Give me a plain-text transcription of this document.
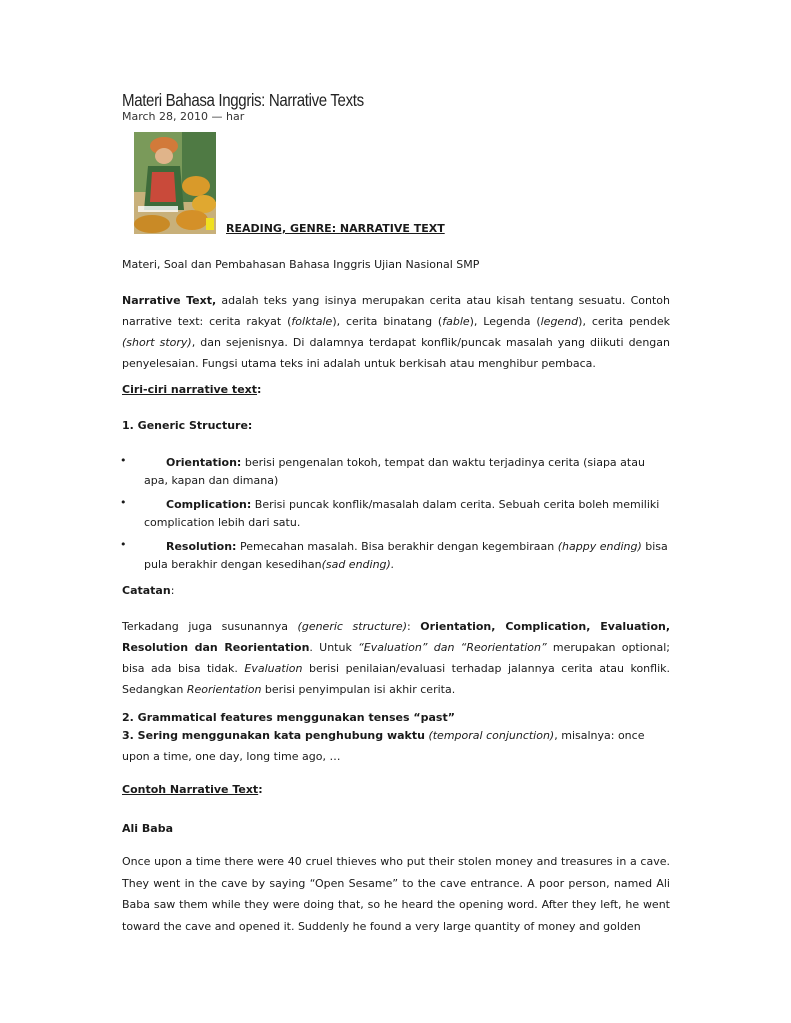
Materi Bahasa Inggris: Narrative Texts
March 28, 2010 — har
READING, GENRE: NARRATIVE TEXT
Materi, Soal dan Pembahasan Bahasa Inggris Ujian Nasional SMP
Narrative Text, adalah teks yang isinya merupakan cerita atau kisah tentang sesuatu. Contoh narrative text: cerita rakyat (folktale), cerita binatang (fable), Legenda (legend), cerita pendek (short story), dan sejenisnya. Di dalamnya terdapat konflik/puncak masalah yang diikuti dengan penyelesaian. Fungsi utama teks ini adalah untuk berkisah atau menghibur pembaca.
Ciri-ciri narrative text:
1. Generic Structure:
•	Orientation: berisi pengenalan tokoh, tempat dan waktu terjadinya cerita (siapa atau
apa, kapan dan dimana)
•	Complication: Berisi puncak konflik/masalah dalam cerita. Sebuah cerita boleh memiliki
complication lebih dari satu.
•	Resolution: Pemecahan masalah. Bisa berakhir dengan kegembiraan (happy ending) bisa
pula berakhir dengan kesedihan(sad ending).
Catatan:
Terkadang juga susunannya (generic structure): Orientation, Complication, Evaluation, Resolution dan Reorientation. Untuk “Evaluation” dan “Reorientation” merupakan optional; bisa ada bisa tidak. Evaluation berisi penilaian/evaluasi terhadap jalannya cerita atau konflik. Sedangkan Reorientation berisi penyimpulan isi akhir cerita.
2. Grammatical features menggunakan tenses “past”
3. Sering menggunakan kata penghubung waktu (temporal conjunction), misalnya: once upon a time, one day, long time ago, …
Contoh Narrative Text:
Ali Baba
Once upon a time there were 40 cruel thieves who put their stolen money and treasures in a cave. They went in the cave by saying “Open Sesame” to the cave entrance. A poor person, named Ali Baba saw them while they were doing that, so he heard the opening word. After they left, he went toward the cave and opened it. Suddenly he found a very large quantity of money and golden
